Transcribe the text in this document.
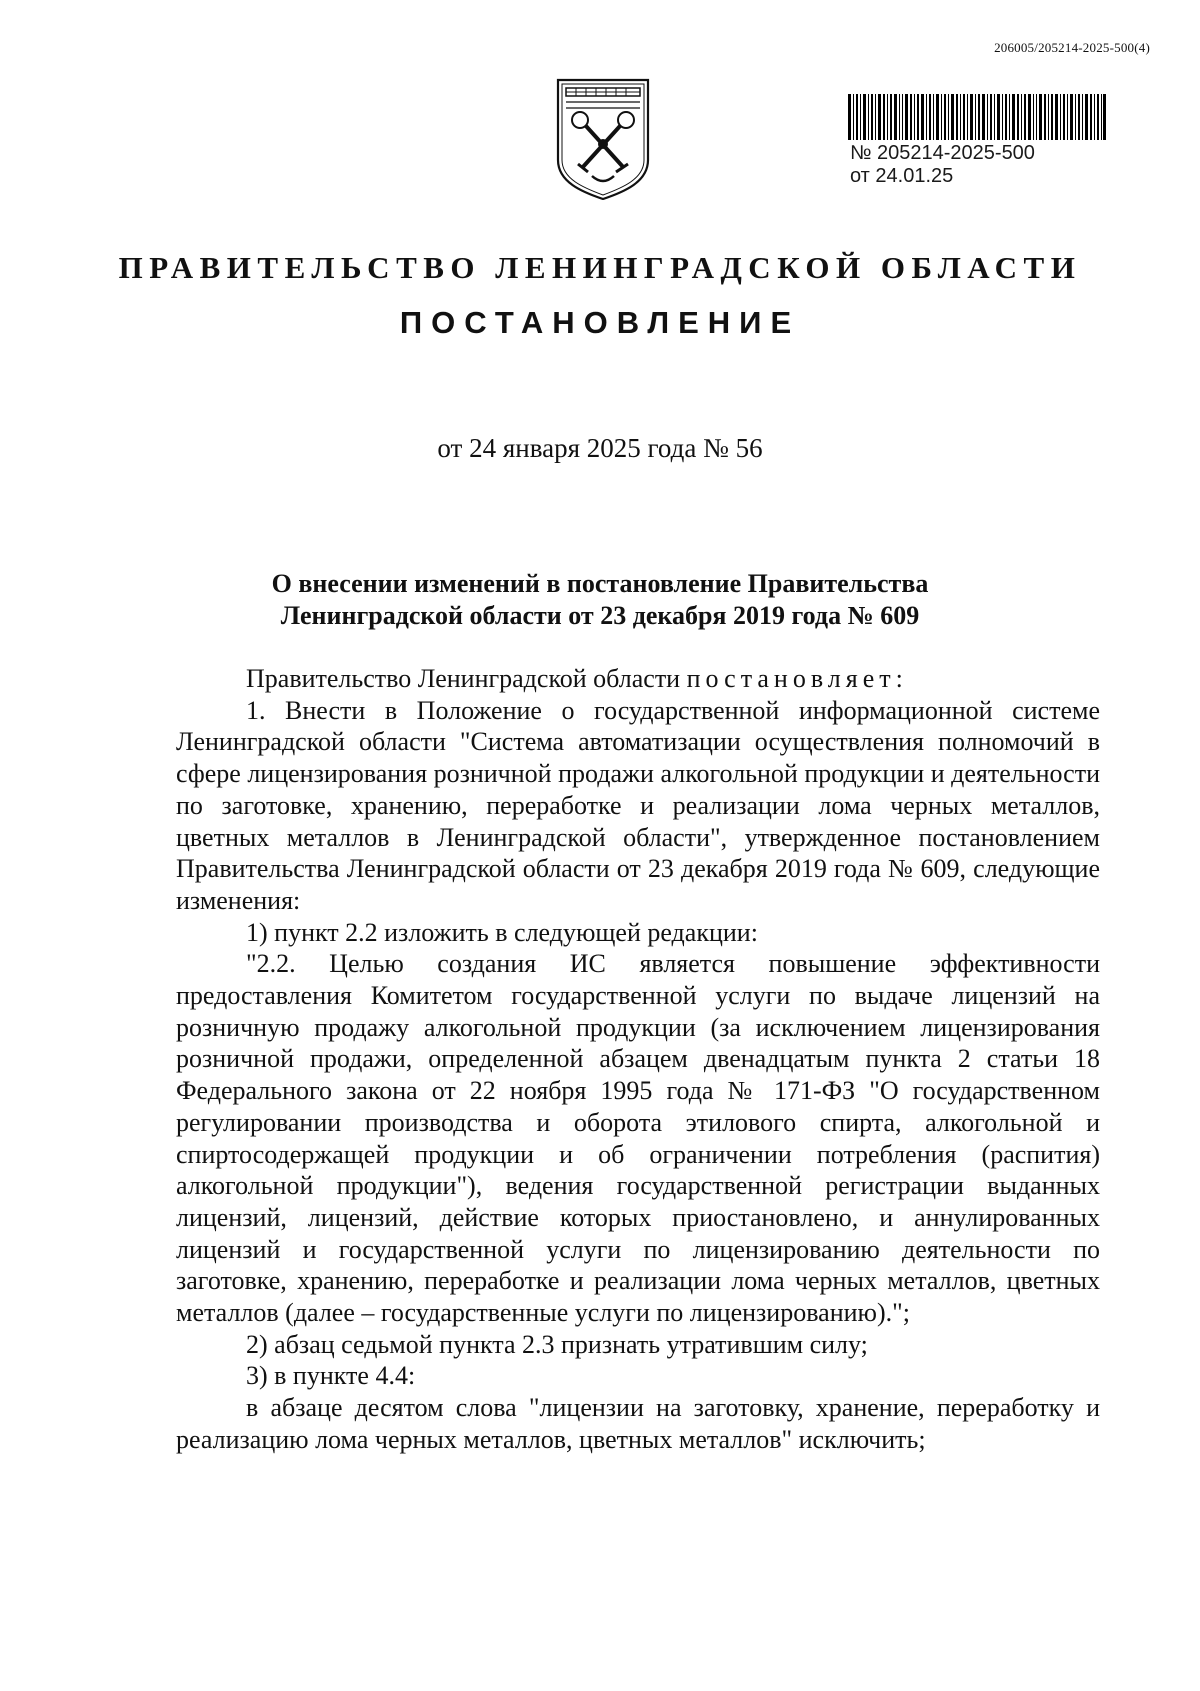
206005/205214-2025-500(4)
№ 205214-2025-500
от 24.01.25
ПРАВИТЕЛЬСТВО ЛЕНИНГРАДСКОЙ ОБЛАСТИ
ПОСТАНОВЛЕНИЕ
от 24 января 2025 года № 56
О внесении изменений в постановление Правительства
Ленинградской области от 23 декабря 2019 года № 609

Правительство Ленинградской области постановляет:

1. Внести в Положение о государственной информационной системе Ленинградской области "Система автоматизации осуществления полномочий в сфере лицензирования розничной продажи алкогольной продукции и деятельности по заготовке, хранению, переработке и реализации лома черных металлов, цветных металлов в Ленинградской области", утвержденное постановлением Правительства Ленинградской области от 23 декабря 2019 года № 609, следующие изменения:

1) пункт 2.2 изложить в следующей редакции:

"2.2. Целью создания ИС является повышение эффективности предоставления Комитетом государственной услуги по выдаче лицензий на розничную продажу алкогольной продукции (за исключением лицензирования розничной продажи, определенной абзацем двенадцатым пункта 2 статьи 18 Федерального закона от 22 ноября 1995 года № 171-ФЗ "О государственном регулировании производства и оборота этилового спирта, алкогольной и спиртосодержащей продукции и об ограничении потребления (распития) алкогольной продукции"), ведения государственной регистрации выданных лицензий, лицензий, действие которых приостановлено, и аннулированных лицензий и государственной услуги по лицензированию деятельности по заготовке, хранению, переработке и реализации лома черных металлов, цветных металлов (далее – государственные услуги по лицензированию).";

2) абзац седьмой пункта 2.3 признать утратившим силу;

3) в пункте 4.4:

в абзаце десятом слова "лицензии на заготовку, хранение, переработку и реализацию лома черных металлов, цветных металлов" исключить;
